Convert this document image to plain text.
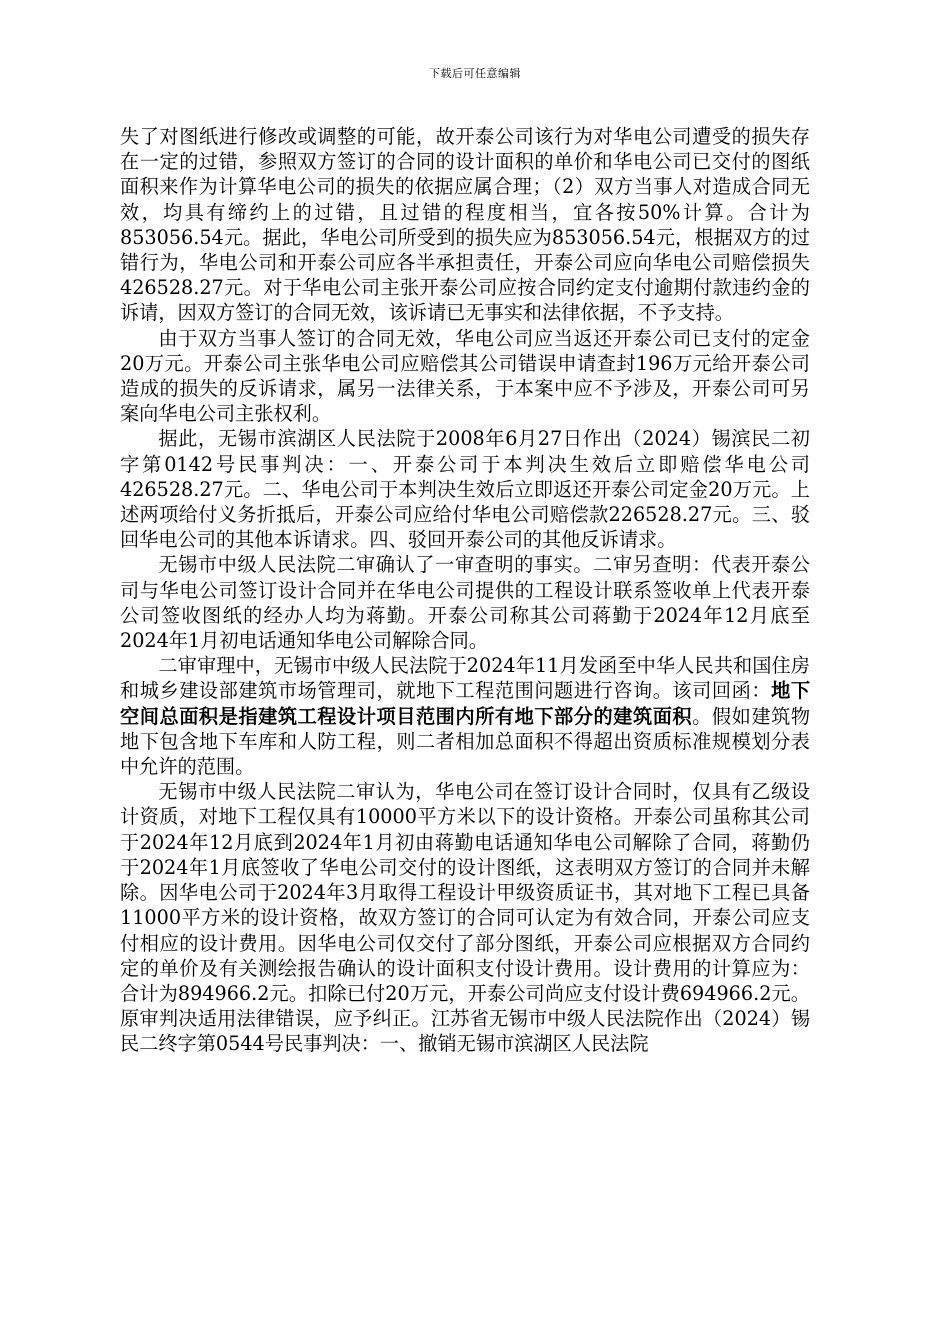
下载后可任意编辑

失了对图纸进行修改或调整的可能，故开泰公司该行为对华电公司遭受的损失存在一定的过错，参照双方签订的合同的设计面积的单价和华电公司已交付的图纸面积来作为计算华电公司的损失的依据应属合理；（2）双方当事人对造成合同无效，均具有缔约上的过错，且过错的程度相当，宜各按50%计算。合计为853056.54元。据此，华电公司所受到的损失应为853056.54元，根据双方的过错行为，华电公司和开泰公司应各半承担责任，开泰公司应向华电公司赔偿损失426528.27元。对于华电公司主张开泰公司应按合同约定支付逾期付款违约金的诉请，因双方签订的合同无效，该诉请已无事实和法律依据，不予支持。

由于双方当事人签订的合同无效，华电公司应当返还开泰公司已支付的定金20万元。开泰公司主张华电公司应赔偿其公司错误申请查封196万元给开泰公司造成的损失的反诉请求，属另一法律关系，于本案中应不予涉及，开泰公司可另案向华电公司主张权利。

据此，无锡市滨湖区人民法院于2008年6月27日作出（2024）锡滨民二初字第0142号民事判决：一、开泰公司于本判决生效后立即赔偿华电公司426528.27元。二、华电公司于本判决生效后立即返还开泰公司定金20万元。上述两项给付义务折抵后，开泰公司应给付华电公司赔偿款226528.27元。三、驳回华电公司的其他本诉请求。四、驳回开泰公司的其他反诉请求。

无锡市中级人民法院二审确认了一审查明的事实。二审另查明：代表开泰公司与华电公司签订设计合同并在华电公司提供的工程设计联系签收单上代表开泰公司签收图纸的经办人均为蒋勤。开泰公司称其公司蒋勤于2024年12月底至2024年1月初电话通知华电公司解除合同。

二审审理中，无锡市中级人民法院于2024年11月发函至中华人民共和国住房和城乡建设部建筑市场管理司，就地下工程范围问题进行咨询。该司回函：地下空间总面积是指建筑工程设计项目范围内所有地下部分的建筑面积。假如建筑物地下包含地下车库和人防工程，则二者相加总面积不得超出资质标准规模划分表中允许的范围。

无锡市中级人民法院二审认为，华电公司在签订设计合同时，仅具有乙级设计资质，对地下工程仅具有10000平方米以下的设计资格。开泰公司虽称其公司于2024年12月底到2024年1月初由蒋勤电话通知华电公司解除了合同，蒋勤仍于2024年1月底签收了华电公司交付的设计图纸，这表明双方签订的合同并未解除。因华电公司于2024年3月取得工程设计甲级资质证书，其对地下工程已具备11000平方米的设计资格，故双方签订的合同可认定为有效合同，开泰公司应支付相应的设计费用。因华电公司仅交付了部分图纸，开泰公司应根据双方合同约定的单价及有关测绘报告确认的设计面积支付设计费用。设计费用的计算应为：合计为894966.2元。扣除已付20万元，开泰公司尚应支付设计费694966.2元。原审判决适用法律错误，应予纠正。江苏省无锡市中级人民法院作出（2024）锡民二终字第0544号民事判决：一、撤销无锡市滨湖区人民法院
